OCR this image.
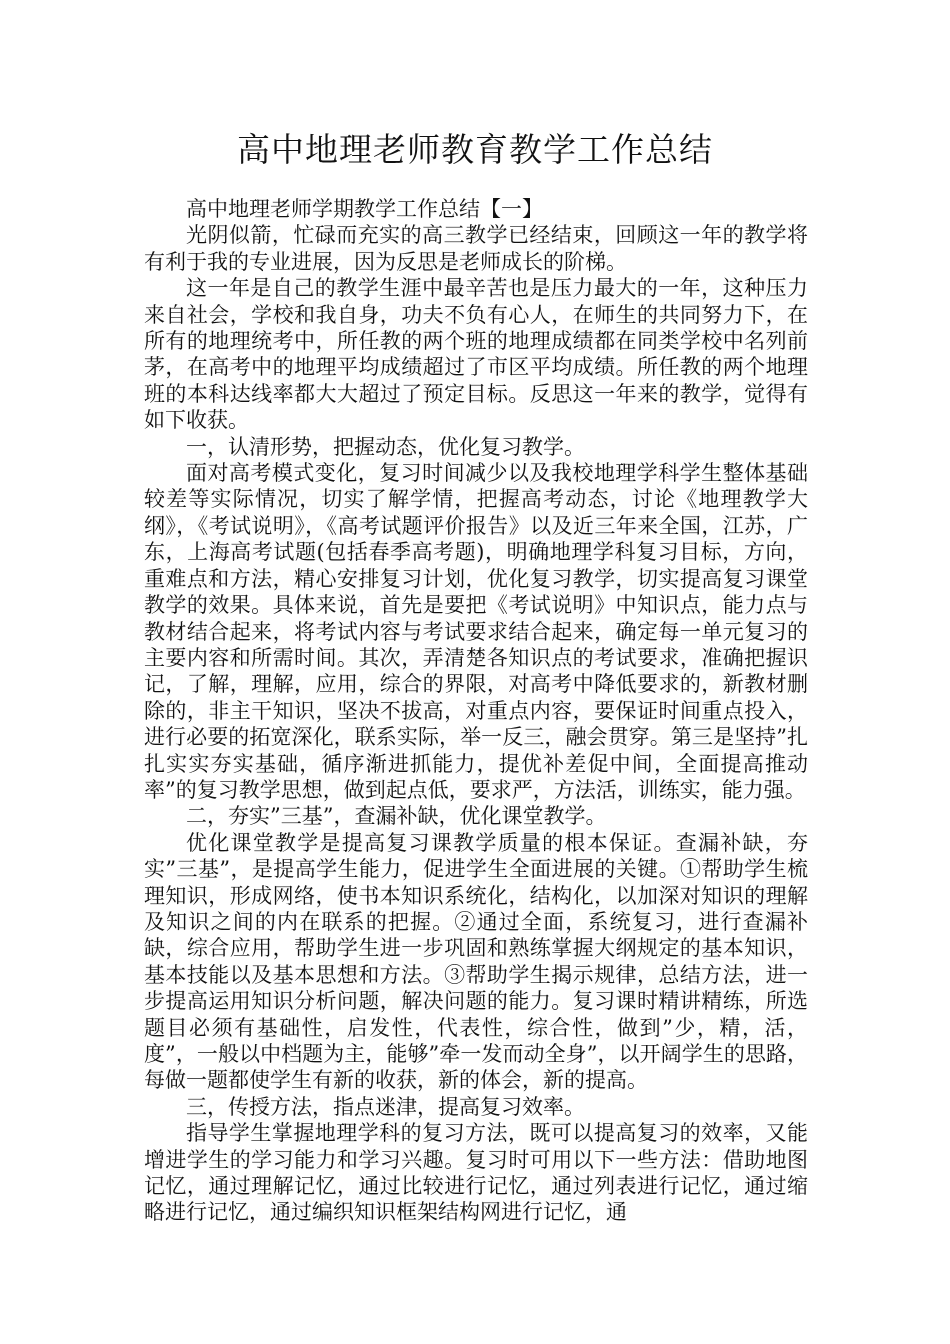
高中地理老师教育教学工作总结

高中地理老师学期教学工作总结【一】

光阴似箭，忙碌而充实的高三教学已经结束，回顾这一年的教学将有利于我的专业进展，因为反思是老师成长的阶梯。

这一年是自己的教学生涯中最辛苦也是压力最大的一年，这种压力来自社会，学校和我自身，功夫不负有心人，在师生的共同努力下，在所有的地理统考中，所任教的两个班的地理成绩都在同类学校中名列前茅，在高考中的地理平均成绩超过了市区平均成绩。所任教的两个地理班的本科达线率都大大超过了预定目标。反思这一年来的教学，觉得有如下收获。

一，认清形势，把握动态，优化复习教学。

面对高考模式变化，复习时间减少以及我校地理学科学生整体基础较差等实际情况，切实了解学情，把握高考动态，讨论《地理教学大纲》，《考试说明》，《高考试题评价报告》以及近三年来全国，江苏，广东，上海高考试题(包括春季高考题)，明确地理学科复习目标，方向，重难点和方法，精心安排复习计划，优化复习教学，切实提高复习课堂教学的效果。具体来说，首先是要把《考试说明》中知识点，能力点与教材结合起来，将考试内容与考试要求结合起来，确定每一单元复习的主要内容和所需时间。其次，弄清楚各知识点的考试要求，准确把握识记，了解，理解，应用，综合的界限，对高考中降低要求的，新教材删除的，非主干知识，坚决不拔高，对重点内容，要保证时间重点投入，进行必要的拓宽深化，联系实际，举一反三，融会贯穿。第三是坚持”扎扎实实夯实基础，循序渐进抓能力，提优补差促中间，全面提高推动率”的复习教学思想，做到起点低，要求严，方法活，训练实，能力强。

二，夯实”三基”，查漏补缺，优化课堂教学。

优化课堂教学是提高复习课教学质量的根本保证。查漏补缺，夯实”三基”，是提高学生能力，促进学生全面进展的关键。①帮助学生梳理知识，形成网络，使书本知识系统化，结构化，以加深对知识的理解及知识之间的内在联系的把握。②通过全面，系统复习，进行查漏补缺，综合应用，帮助学生进一步巩固和熟练掌握大纲规定的基本知识，基本技能以及基本思想和方法。③帮助学生揭示规律，总结方法，进一步提高运用知识分析问题，解决问题的能力。复习课时精讲精练，所选题目必须有基础性，启发性，代表性，综合性，做到”少，精，活， 度”，一般以中档题为主，能够”牵一发而动全身”，以开阔学生的思路，每做一题都使学生有新的收获，新的体会，新的提高。

三，传授方法，指点迷津，提高复习效率。

指导学生掌握地理学科的复习方法，既可以提高复习的效率，又能增进学生的学习能力和学习兴趣。复习时可用以下一些方法：借助地图记忆，通过理解记忆，通过比较进行记忆，通过列表进行记忆，通过缩略进行记忆，通过编织知识框架结构网进行记忆，通
